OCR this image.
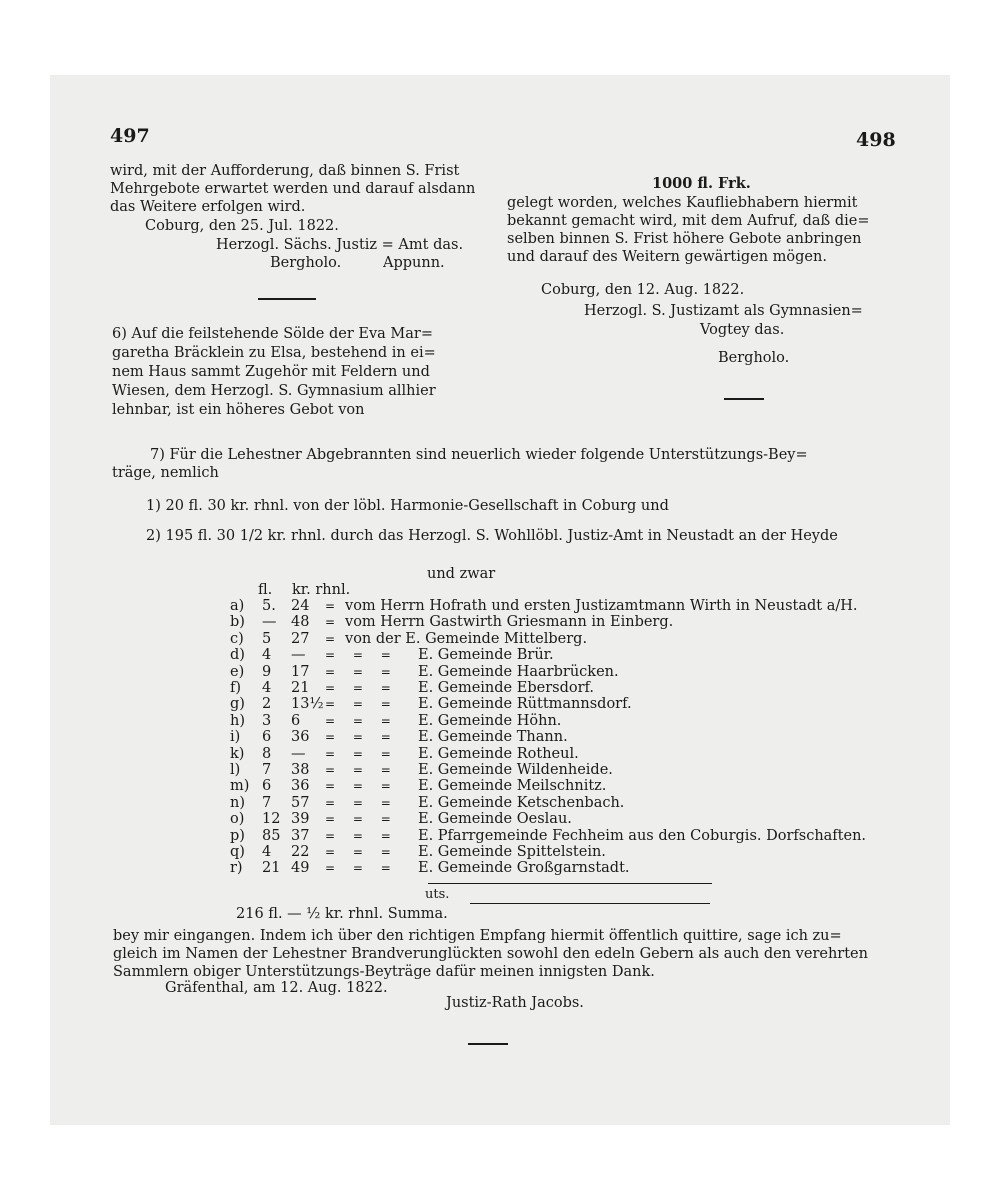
497	498
wird, mit der Aufforderung, daß binnen S. Frist
Mehrgebote erwartet werden und darauf alsdann
das Weitere erfolgen wird.
Coburg, den 25. Jul. 1822.
Herzogl. Sächs. Justiz = Amt das.
Bergholo.	Appunn.
6) Auf die feilstehende Sölde der Eva Mar=
garetha Bräcklein zu Elsa, bestehend in ei=
nem Haus sammt Zugehör mit Feldern und
Wiesen, dem Herzogl. S. Gymnasium allhier
lehnbar, ist ein höheres Gebot von
1000 fl. Frk.
gelegt worden, welches Kaufliebhabern hiermit
bekannt gemacht wird, mit dem Aufruf, daß die=
selben binnen S. Frist höhere Gebote anbringen
und darauf des Weitern gewärtigen mögen.
Coburg, den 12. Aug. 1822.
Herzogl. S. Justizamt als Gymnasien=
Vogtey das.
Bergholo.
7) Für die Lehestner Abgebrannten sind neuerlich wieder folgende Unterstützungs-Bey=
träge, nemlich
1) 20 fl. 30 kr. rhnl. von der löbl. Harmonie-Gesellschaft in Coburg und
2) 195 fl. 30 1/2 kr. rhnl. durch das Herzogl. S. Wohllöbl. Justiz-Amt in Neustadt an der Heyde
und zwar
fl. kr. rhnl.
a) 5. 24 = vom Herrn Hofrath und ersten Justizamtmann Wirth in Neustadt a/H.
b) — 48 = vom Herrn Gastwirth Griesmann in Einberg.
c) 5 27 = von der E. Gemeinde Mittelberg.
d) 4 — = = = E. Gemeinde Brür.
e) 9 17 = = = E. Gemeinde Haarbrücken.
f) 4 21 = = = E. Gemeinde Ebersdorf.
g) 2 13½ = = = E. Gemeinde Rüttmannsdorf.
h) 3 6 = = = E. Gemeinde Höhn.
i) 6 36 = = = E. Gemeinde Thann.
k) 8 — = = = E. Gemeinde Rotheul.
l) 7 38 = = = E. Gemeinde Wildenheide.
m) 6 36 = = = E. Gemeinde Meilschnitz.
n) 7 57 = = = E. Gemeinde Ketschenbach.
o) 12 39 = = = E. Gemeinde Oeslau.
p) 85 37 = = = E. Pfarrgemeinde Fechheim aus den Coburgis. Dorfschaften.
q) 4 22 = = = E. Gemeinde Spittelstein.
r) 21 49 = = = E. Gemeinde Großgarnstadt.
uts.
216 fl. — ½ kr. rhnl. Summa.
bey mir eingangen. Indem ich über den richtigen Empfang hiermit öffentlich quittire, sage ich zu=
gleich im Namen der Lehestner Brandverunglückten sowohl den edeln Gebern als auch den verehrten
Sammlern obiger Unterstützungs-Beyträge dafür meinen innigsten Dank.
Gräfenthal, am 12. Aug. 1822.
Justiz-Rath Jacobs.
